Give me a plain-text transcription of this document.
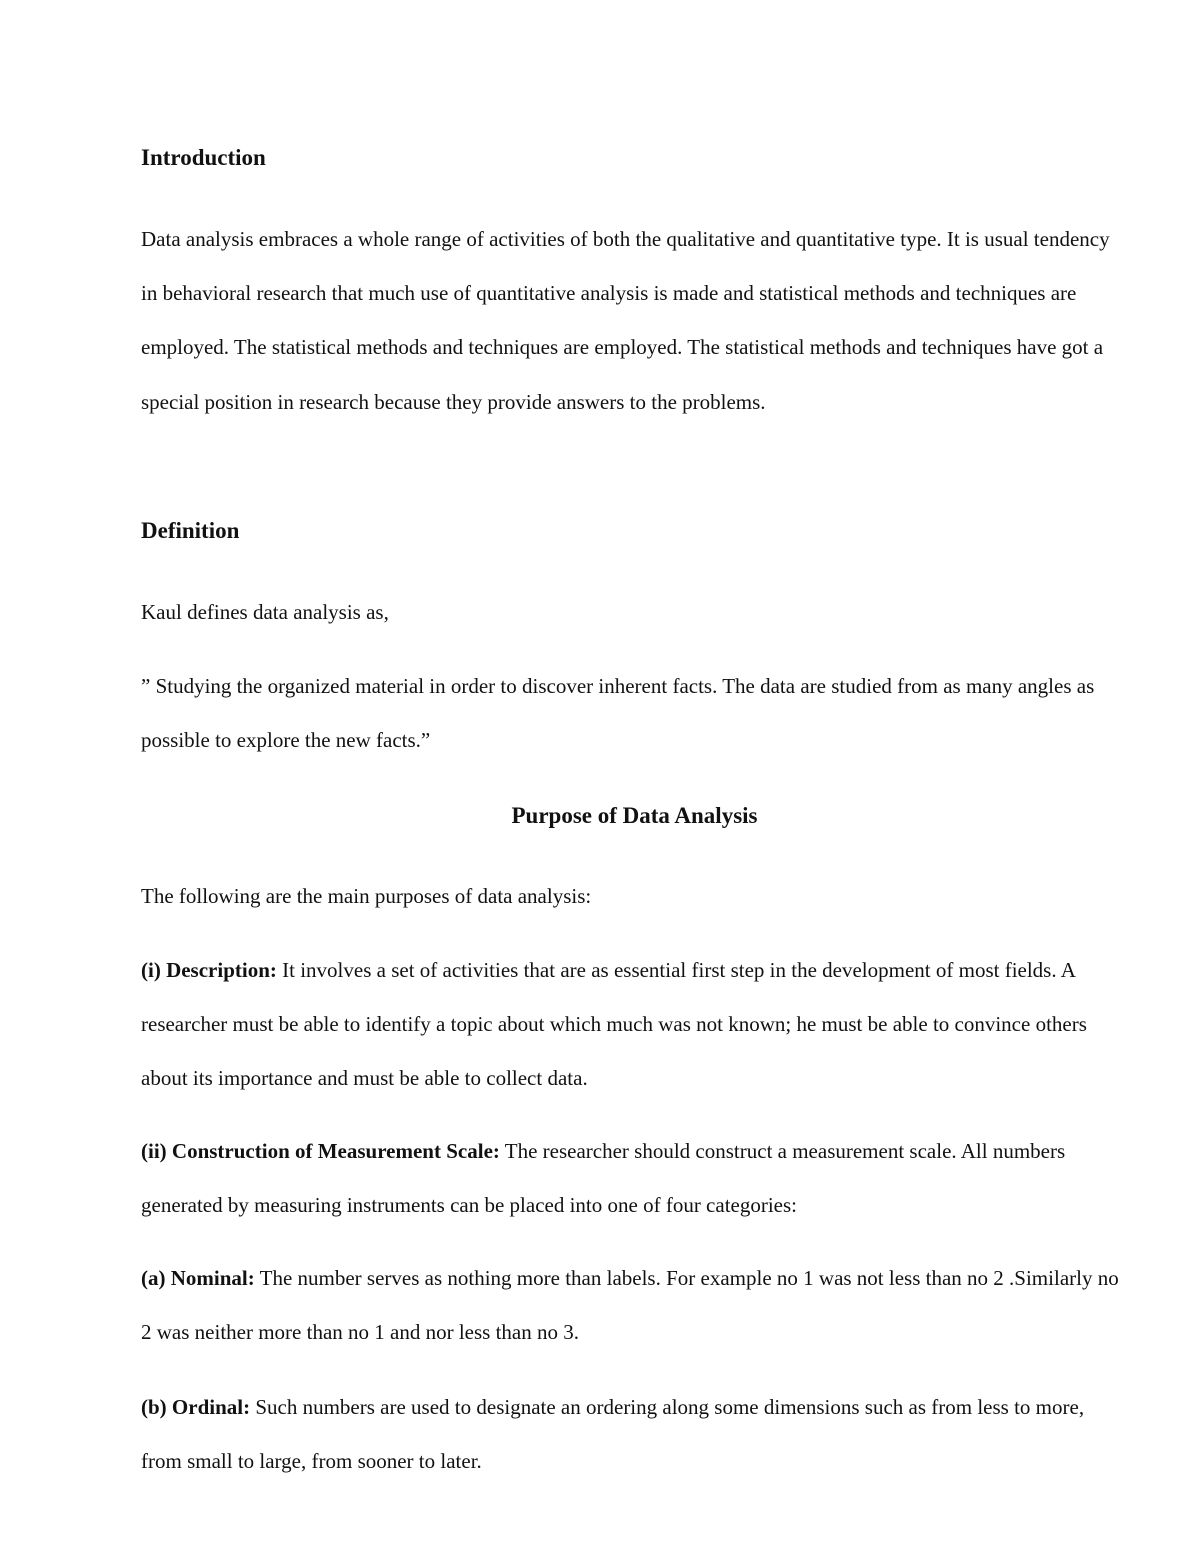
Introduction

Data analysis embraces a whole range of activities of both the qualitative and quantitative type. It is usual tendency in behavioral research that much use of quantitative analysis is made and statistical methods and techniques are employed. The statistical methods and techniques are employed. The statistical methods and techniques have got a special position in research because they provide answers to the problems.

Definition

Kaul defines data analysis as,

” Studying the organized material in order to discover inherent facts. The data are studied from as many angles as possible to explore the new facts.”

Purpose of Data Analysis

The following are the main purposes of data analysis:

(i) Description: It involves a set of activities that are as essential first step in the development of most fields. A researcher must be able to identify a topic about which much was not known; he must be able to convince others about its importance and must be able to collect data.

(ii) Construction of Measurement Scale: The researcher should construct a measurement scale. All numbers generated by measuring instruments can be placed into one of four categories:

(a) Nominal: The number serves as nothing more than labels. For example no 1 was not less than no 2 .Similarly no 2 was neither more than no 1 and nor less than no 3.

(b) Ordinal: Such numbers are used to designate an ordering along some dimensions such as from less to more, from small to large, from sooner to later.
